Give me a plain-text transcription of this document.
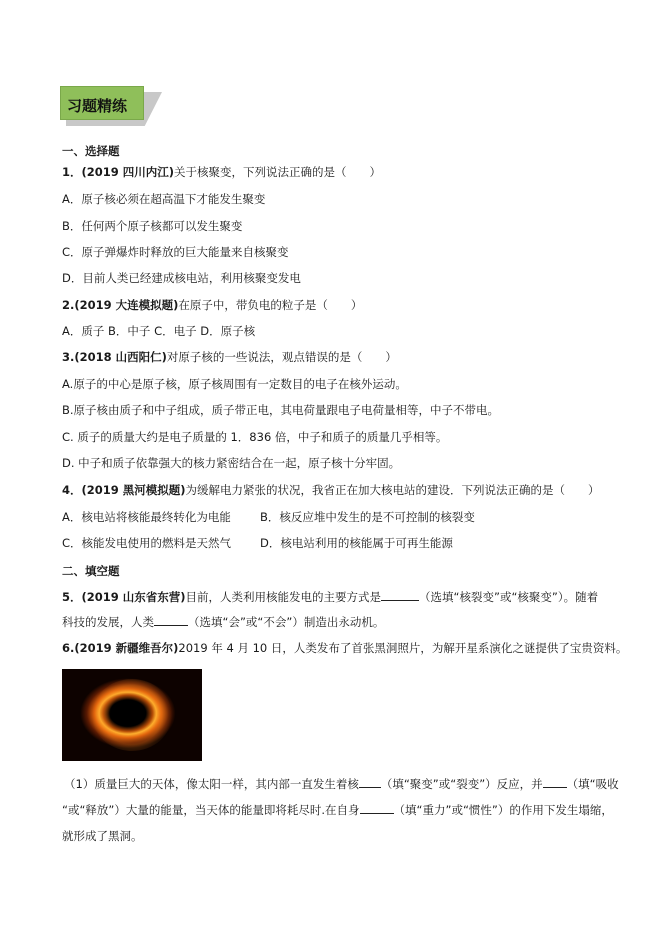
习题精练
一、选择题
1．(2019 四川内江)关于核聚变，下列说法正确的是（　　）
A．原子核必须在超高温下才能发生聚变
B．任何两个原子核都可以发生聚变
C．原子弹爆炸时释放的巨大能量来自核聚变
D．目前人类已经建成核电站，利用核聚变发电
2.(2019 大连模拟题)在原子中，带负电的粒子是（　　）
A．质子 B．中子 C．电子 D．原子核
3.(2018 山西阳仁)对原子核的一些说法，观点错误的是（　　）
A.原子的中心是原子核，原子核周围有一定数目的电子在核外运动。
B.原子核由质子和中子组成，质子带正电，其电荷量跟电子电荷量相等，中子不带电。
C. 质子的质量大约是电子质量的 1．836 倍，中子和质子的质量几乎相等。
D. 中子和质子依靠强大的核力紧密结合在一起，原子核十分牢固。
4．(2019 黑河模拟题)为缓解电力紧张的状况，我省正在加大核电站的建设．下列说法正确的是（　　）
A．核电站将核能最终转化为电能	B．核反应堆中发生的是不可控制的核裂变
C．核能发电使用的燃料是天然气	D．核电站利用的核能属于可再生能源
二、填空题
5．(2019 山东省东营)目前，人类利用核能发电的主要方式是	（选填“核裂变”或“核聚变”）。随着
科技的发展，人类	（选填“会”或“不会”）制造出永动机。
6.(2019 新疆维吾尔)2019 年 4 月 10 日，人类发布了首张黑洞照片，为解开星系演化之谜提供了宝贵资料。
（1）质量巨大的天体，像太阳一样，其内部一直发生着核 （填“聚变”或“裂变”）反应，并 （填“吸收
“或“释放”）大量的能量，当天体的能量即将耗尽时.在自身	（填“重力”或“惯性”）的作用下发生塌缩，
就形成了黑洞。
